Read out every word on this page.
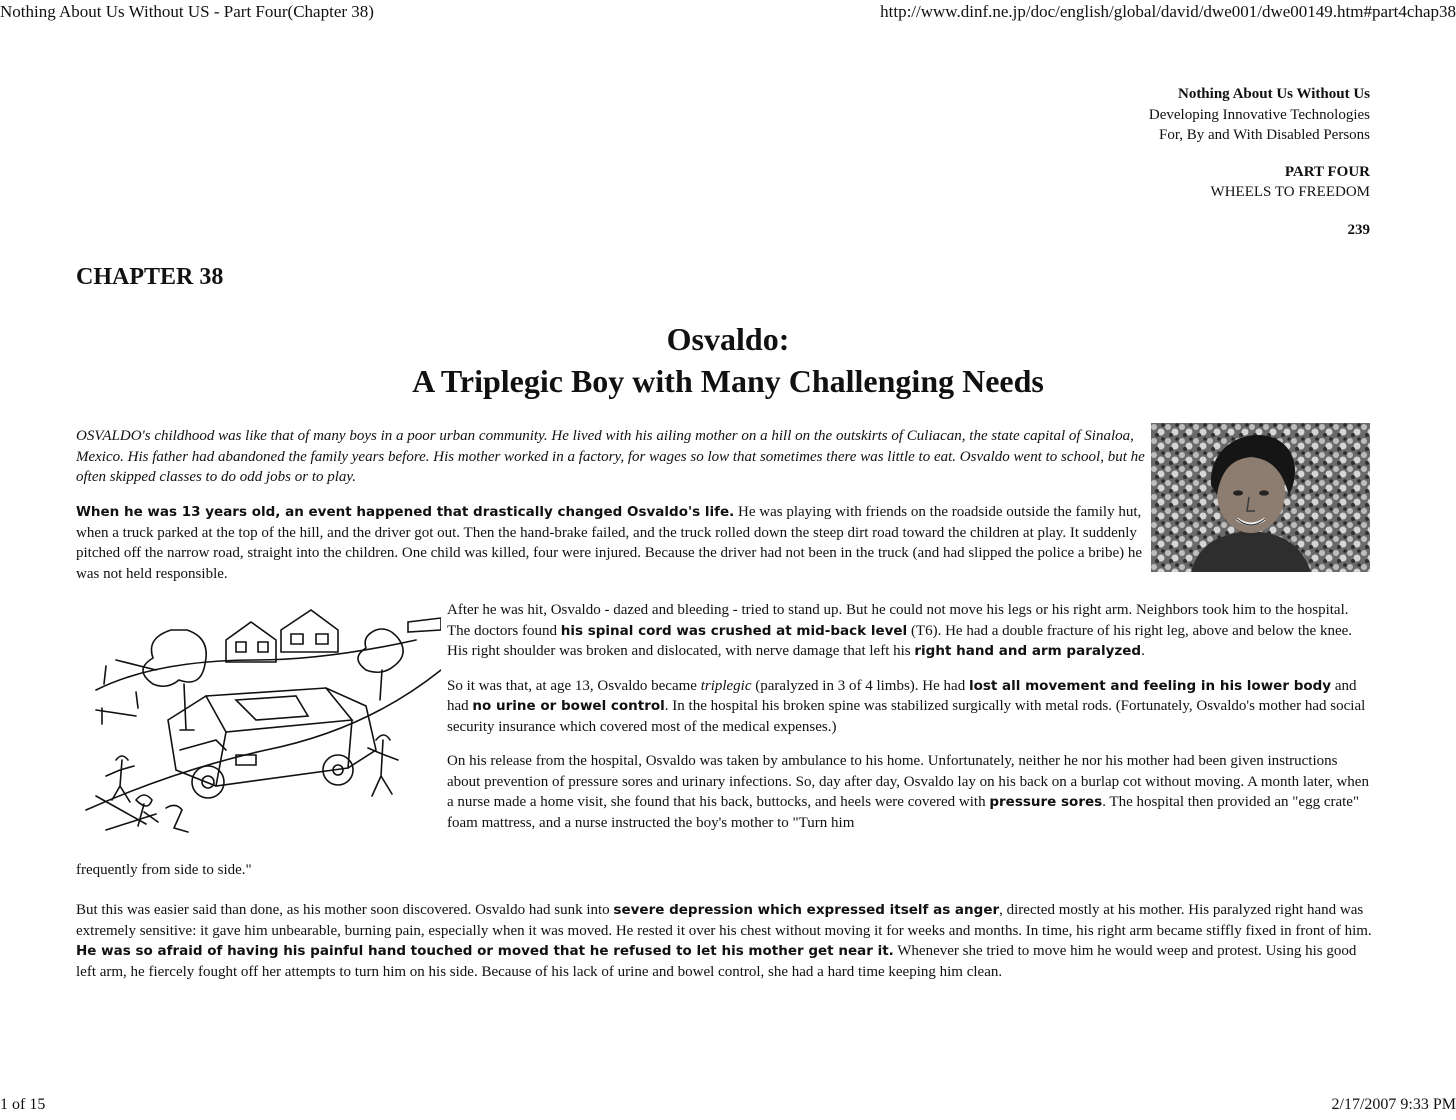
Nothing About Us Without US - Part Four(Chapter 38)	http://www.dinf.ne.jp/doc/english/global/david/dwe001/dwe00149.htm#part4chap38
Nothing About Us Without Us
Developing Innovative Technologies
For, By and With Disabled Persons
PART FOUR
WHEELS TO FREEDOM
239
CHAPTER 38
Osvaldo:
A Triplegic Boy with Many Challenging Needs

OSVALDO's childhood was like that of many boys in a poor urban community. He lived with his ailing mother on a hill on the outskirts of Culiacan, the state capital of Sinaloa, Mexico. His father had abandoned the family years before. His mother worked in a factory, for wages so low that sometimes there was little to eat. Osvaldo went to school, but he often skipped classes to do odd jobs or to play.

When he was 13 years old, an event happened that drastically changed Osvaldo's life. He was playing with friends on the roadside outside the family hut, when a truck parked at the top of the hill, and the driver got out. Then the hand-brake failed, and the truck rolled down the steep dirt road toward the children at play. It suddenly pitched off the narrow road, straight into the children. One child was killed, four were injured. Because the driver had not been in the truck (and had slipped the police a bribe) he was not held responsible.

After he was hit, Osvaldo - dazed and bleeding - tried to stand up. But he could not move his legs or his right arm. Neighbors took him to the hospital. The doctors found his spinal cord was crushed at mid-back level (T6). He had a double fracture of his right leg, above and below the knee. His right shoulder was broken and dislocated, with nerve damage that left his right hand and arm paralyzed.

So it was that, at age 13, Osvaldo became triplegic (paralyzed in 3 of 4 limbs). He had lost all movement and feeling in his lower body and had no urine or bowel control. In the hospital his broken spine was stabilized surgically with metal rods. (Fortunately, Osvaldo's mother had social security insurance which covered most of the medical expenses.)

On his release from the hospital, Osvaldo was taken by ambulance to his home. Unfortunately, neither he nor his mother had been given instructions about prevention of pressure sores and urinary infections. So, day after day, Osvaldo lay on his back on a burlap cot without moving. A month later, when a nurse made a home visit, she found that his back, buttocks, and heels were covered with pressure sores. The hospital then provided an "egg crate" foam mattress, and a nurse instructed the boy's mother to "Turn him

frequently from side to side."

But this was easier said than done, as his mother soon discovered. Osvaldo had sunk into severe depression which expressed itself as anger, directed mostly at his mother. His paralyzed right hand was extremely sensitive: it gave him unbearable, burning pain, especially when it was moved. He rested it over his chest without moving it for weeks and months. In time, his right arm became stiffly fixed in front of him. He was so afraid of having his painful hand touched or moved that he refused to let his mother get near it. Whenever she tried to move him he would weep and protest. Using his good left arm, he fiercely fought off her attempts to turn him on his side. Because of his lack of urine and bowel control, she had a hard time keeping him clean.

1 of 15	2/17/2007 9:33 PM
